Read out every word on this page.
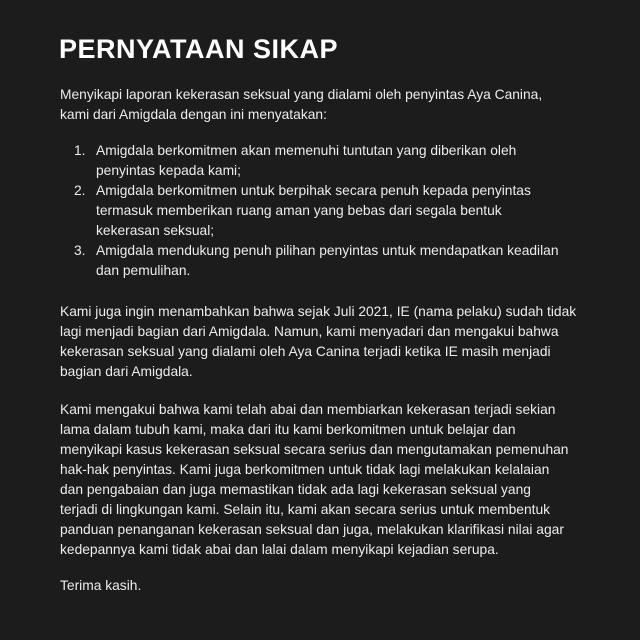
PERNYATAAN SIKAP
Menyikapi laporan kekerasan seksual yang dialami oleh penyintas Aya Canina,
kami dari Amigdala dengan ini menyatakan:
1. Amigdala berkomitmen akan memenuhi tuntutan yang diberikan oleh
penyintas kepada kami;
2. Amigdala berkomitmen untuk berpihak secara penuh kepada penyintas
termasuk memberikan ruang aman yang bebas dari segala bentuk
kekerasan seksual;
3. Amigdala mendukung penuh pilihan penyintas untuk mendapatkan keadilan
dan pemulihan.
Kami juga ingin menambahkan bahwa sejak Juli 2021, IE (nama pelaku) sudah tidak
lagi menjadi bagian dari Amigdala. Namun, kami menyadari dan mengakui bahwa
kekerasan seksual yang dialami oleh Aya Canina terjadi ketika IE masih menjadi
bagian dari Amigdala.
Kami mengakui bahwa kami telah abai dan membiarkan kekerasan terjadi sekian
lama dalam tubuh kami, maka dari itu kami berkomitmen untuk belajar dan
menyikapi kasus kekerasan seksual secara serius dan mengutamakan pemenuhan
hak-hak penyintas. Kami juga berkomitmen untuk tidak lagi melakukan kelalaian
dan pengabaian dan juga memastikan tidak ada lagi kekerasan seksual yang
terjadi di lingkungan kami. Selain itu, kami akan secara serius untuk membentuk
panduan penanganan kekerasan seksual dan juga, melakukan klarifikasi nilai agar
kedepannya kami tidak abai dan lalai dalam menyikapi kejadian serupa.
Terima kasih.
